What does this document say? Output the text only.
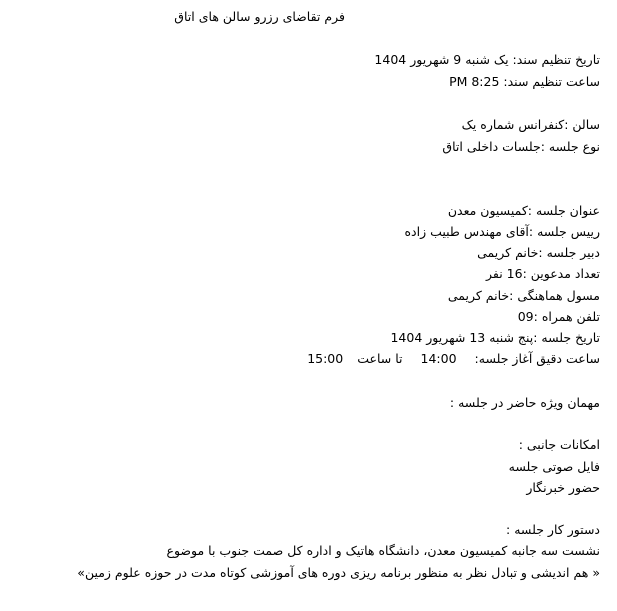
فرم تقاضای رزرو سالن های اتاق
تاریخ تنظیم سند: یک شنبه 9 شهریور 1404
ساعت تنظیم سند: PM 8:25
سالن :کنفرانس شماره یک
نوع جلسه :جلسات داخلی اتاق
عنوان جلسه :کمیسیون معدن
رییس جلسه :آقای مهندس طبیب زاده
دبیر جلسه :خانم کریمی
تعداد مدعوین :16 نفر
مسول هماهنگی :خانم کریمی
تلفن همراه :09
تاریخ جلسه :پنج شنبه 13 شهریور 1404
ساعت دقیق آغاز جلسه:14:00تا ساعت15:00
مهمان ویژه حاضر در جلسه :
امکانات جانبی :
فایل صوتی جلسه
حضور خبرنگار
دستور کار جلسه :
نشست سه جانبه کمیسیون معدن، دانشگاه هاتیک و اداره کل صمت جنوب با موضوع
« هم اندیشی و تبادل نظر به منظور برنامه ریزی دوره های آموزشی کوتاه مدت در حوزه علوم زمین»
